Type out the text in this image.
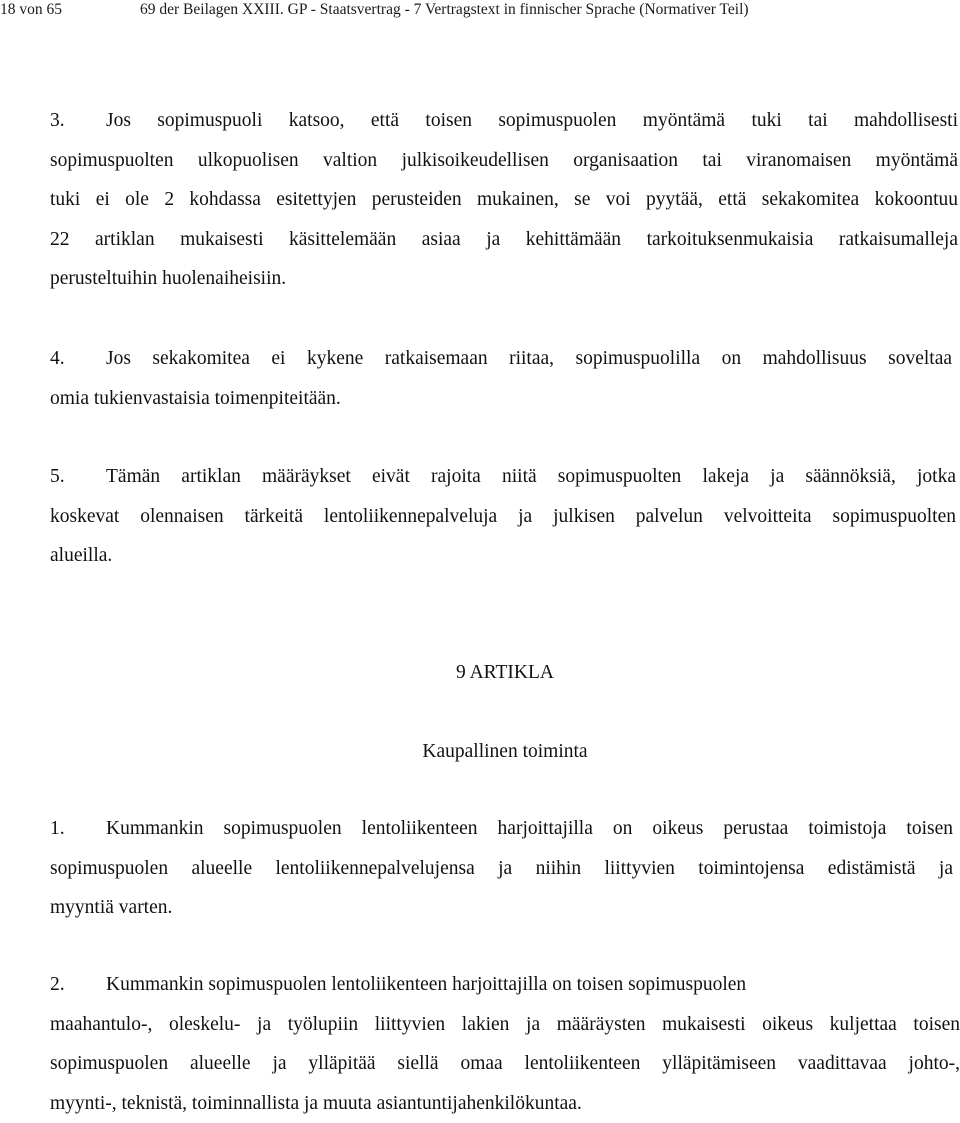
18 von 65	69 der Beilagen XXIII. GP - Staatsvertrag - 7 Vertragstext in finnischer Sprache (Normativer Teil)
3. Jos sopimuspuoli katsoo, että toisen sopimuspuolen myöntämä tuki tai mahdollisesti
sopimuspuolten ulkopuolisen valtion julkisoikeudellisen organisaation tai viranomaisen myöntämä
tuki ei ole 2 kohdassa esitettyjen perusteiden mukainen, se voi pyytää, että sekakomitea kokoontuu
22 artiklan mukaisesti käsittelemään asiaa ja kehittämään tarkoituksenmukaisia ratkaisumalleja
perusteltuihin huolenaiheisiin.
4. Jos sekakomitea ei kykene ratkaisemaan riitaa, sopimuspuolilla on mahdollisuus soveltaa
omia tukienvastaisia toimenpiteitään.
5. Tämän artiklan määräykset eivät rajoita niitä sopimuspuolten lakeja ja säännöksiä, jotka
koskevat olennaisen tärkeitä lentoliikennepalveluja ja julkisen palvelun velvoitteita sopimuspuolten
alueilla.
9 ARTIKLA
Kaupallinen toiminta
1. Kummankin sopimuspuolen lentoliikenteen harjoittajilla on oikeus perustaa toimistoja toisen
sopimuspuolen alueelle lentoliikennepalvelujensa ja niihin liittyvien toimintojensa edistämistä ja
myyntiä varten.
2. Kummankin sopimuspuolen lentoliikenteen harjoittajilla on toisen sopimuspuolen
maahantulo-, oleskelu- ja työlupiin liittyvien lakien ja määräysten mukaisesti oikeus kuljettaa toisen
sopimuspuolen alueelle ja ylläpitää siellä omaa lentoliikenteen ylläpitämiseen vaadittavaa johto-,
myynti-, teknistä, toiminnallista ja muuta asiantuntijahenkilökuntaa.
